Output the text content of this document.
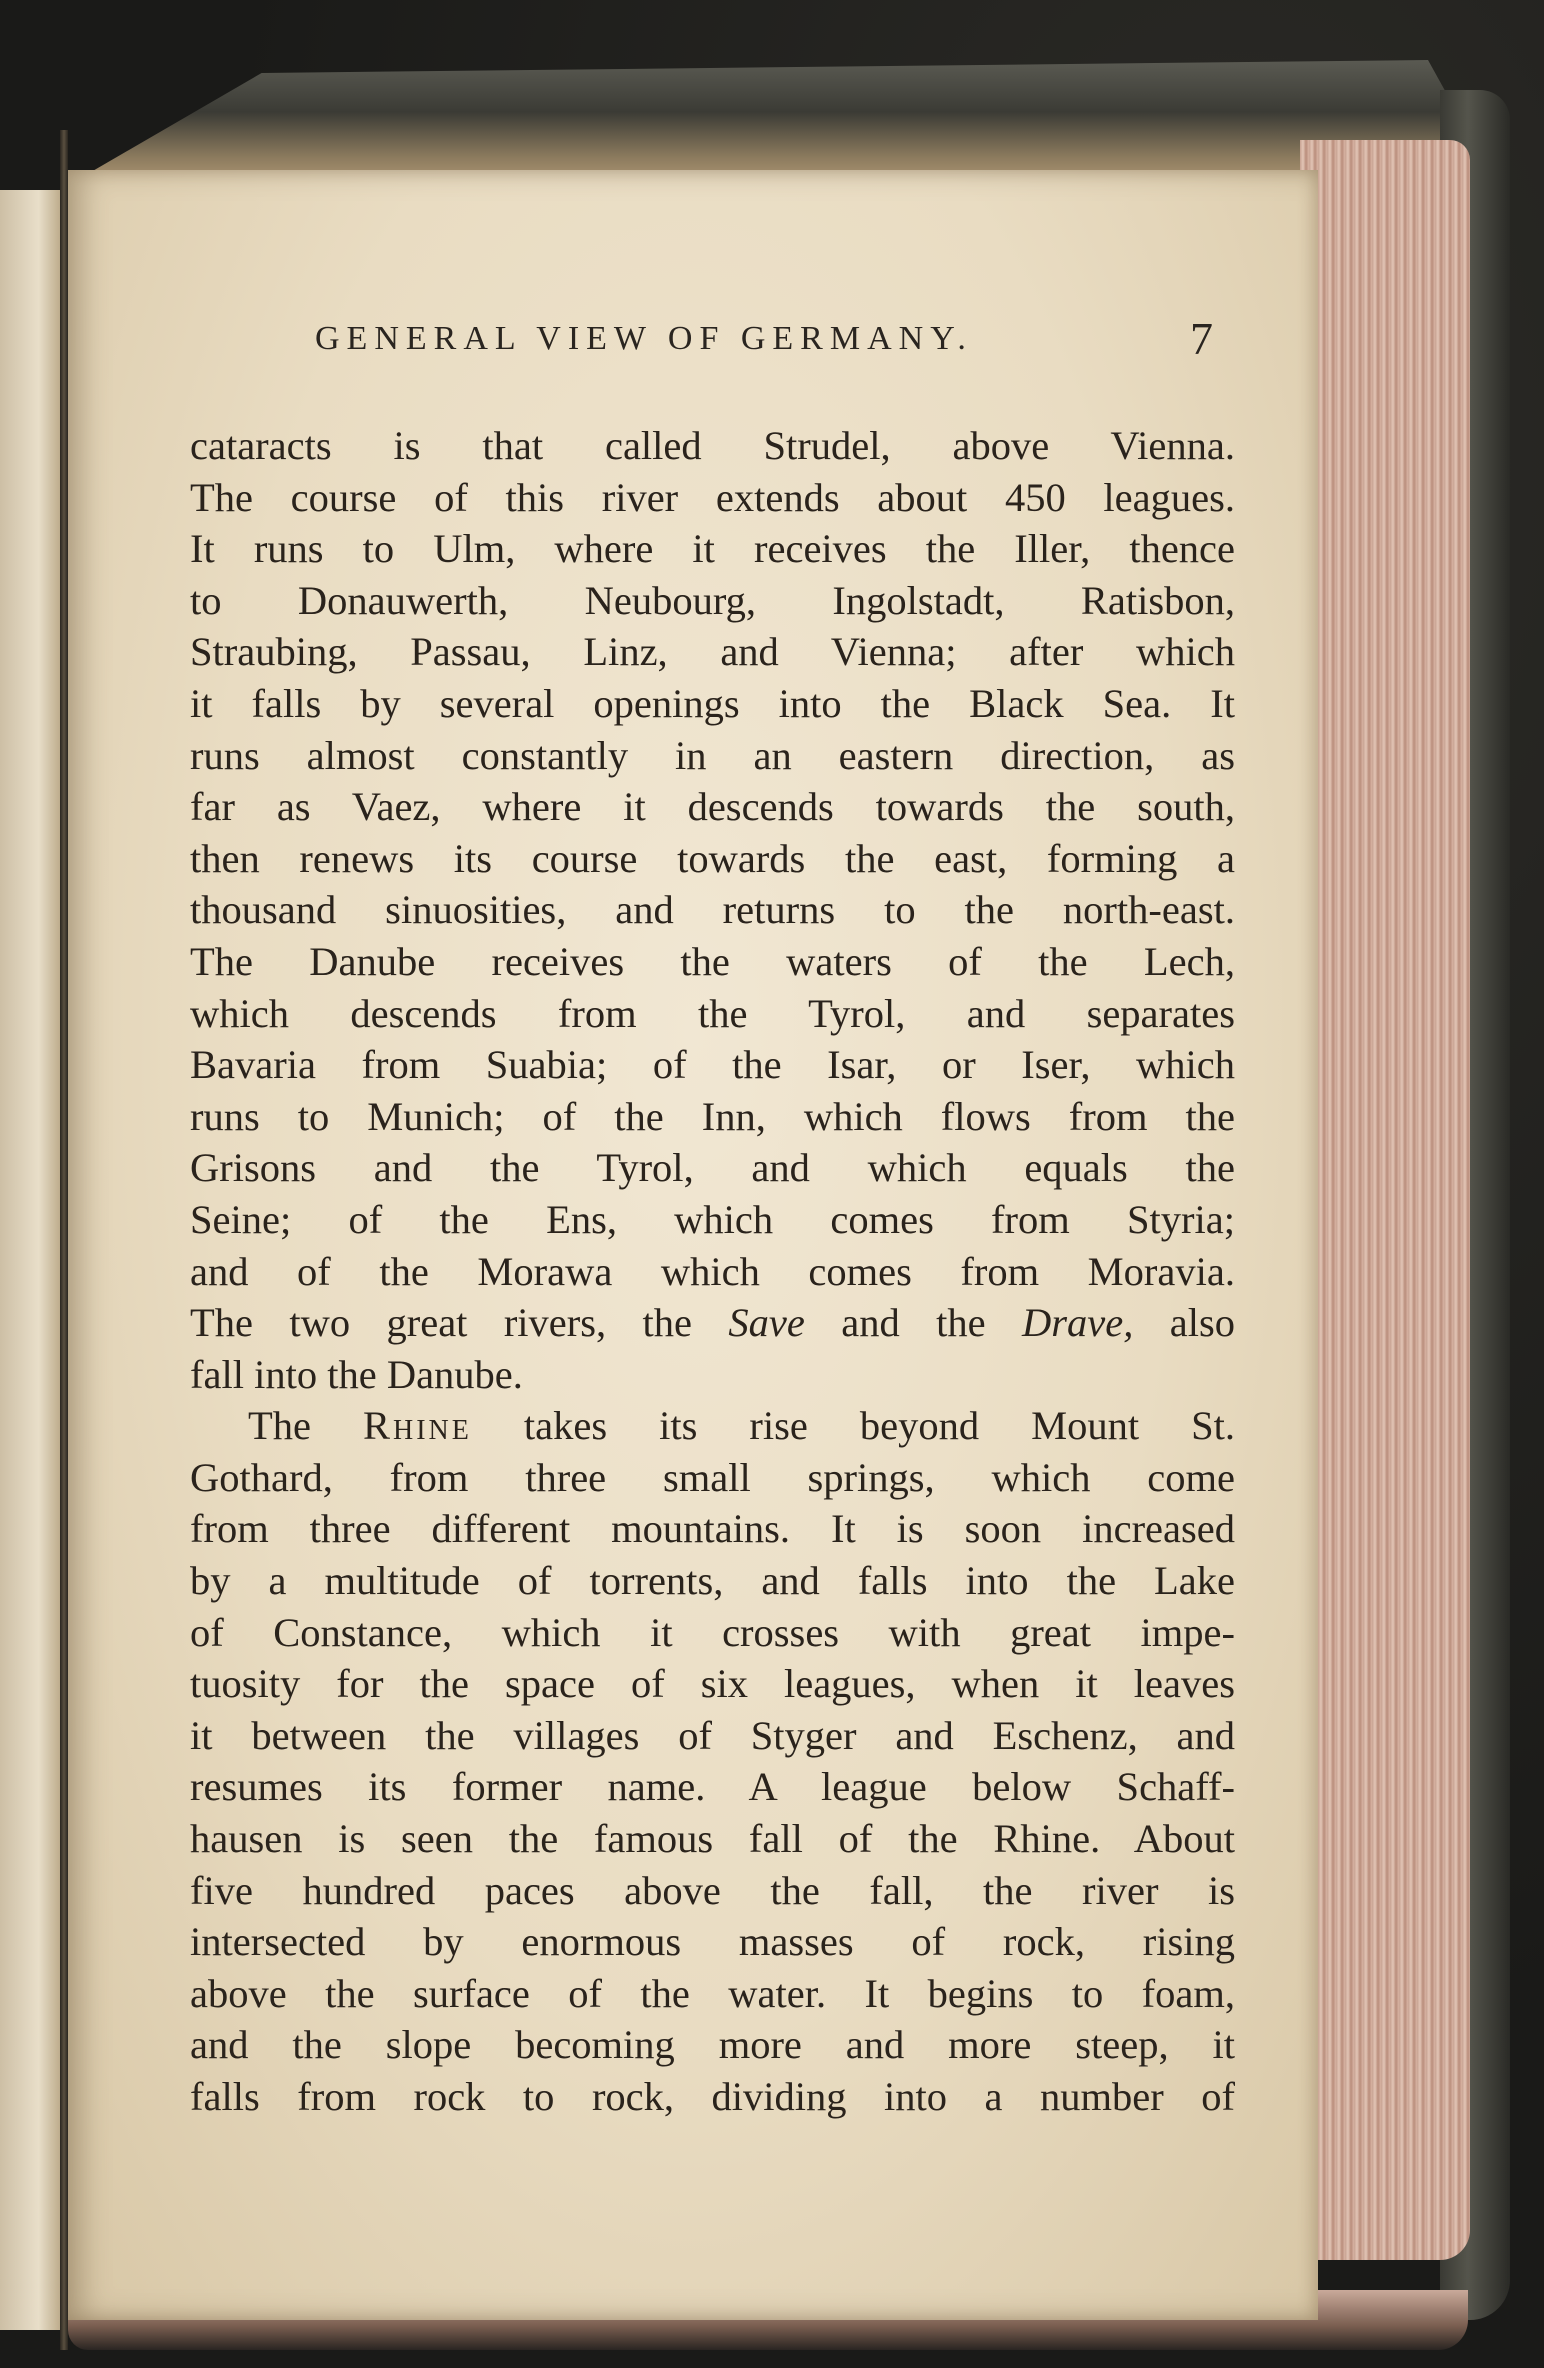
GENERAL VIEW OF GERMANY.	7
cataracts is that called Strudel, above Vienna.
The course of this river extends about 450 leagues.
It runs to Ulm, where it receives the Iller, thence
to Donauwerth, Neubourg, Ingolstadt, Ratisbon,
Straubing, Passau, Linz, and Vienna; after which
it falls by several openings into the Black Sea. It
runs almost constantly in an eastern direction, as
far as Vaez, where it descends towards the south,
then renews its course towards the east, forming a
thousand sinuosities, and returns to the north-east.
The Danube receives the waters of the Lech,
which descends from the Tyrol, and separates
Bavaria from Suabia; of the Isar, or Iser, which
runs to Munich; of the Inn, which flows from the
Grisons and the Tyrol, and which equals the
Seine; of the Ens, which comes from Styria;
and of the Morawa which comes from Moravia.
The two great rivers, the Save and the Drave, also
fall into the Danube.
The Rhine takes its rise beyond Mount St.
Gothard, from three small springs, which come
from three different mountains. It is soon increased
by a multitude of torrents, and falls into the Lake
of Constance, which it crosses with great impe-
tuosity for the space of six leagues, when it leaves
it between the villages of Styger and Eschenz, and
resumes its former name. A league below Schaff-
hausen is seen the famous fall of the Rhine. About
five hundred paces above the fall, the river is
intersected by enormous masses of rock, rising
above the surface of the water. It begins to foam,
and the slope becoming more and more steep, it
falls from rock to rock, dividing into a number of
